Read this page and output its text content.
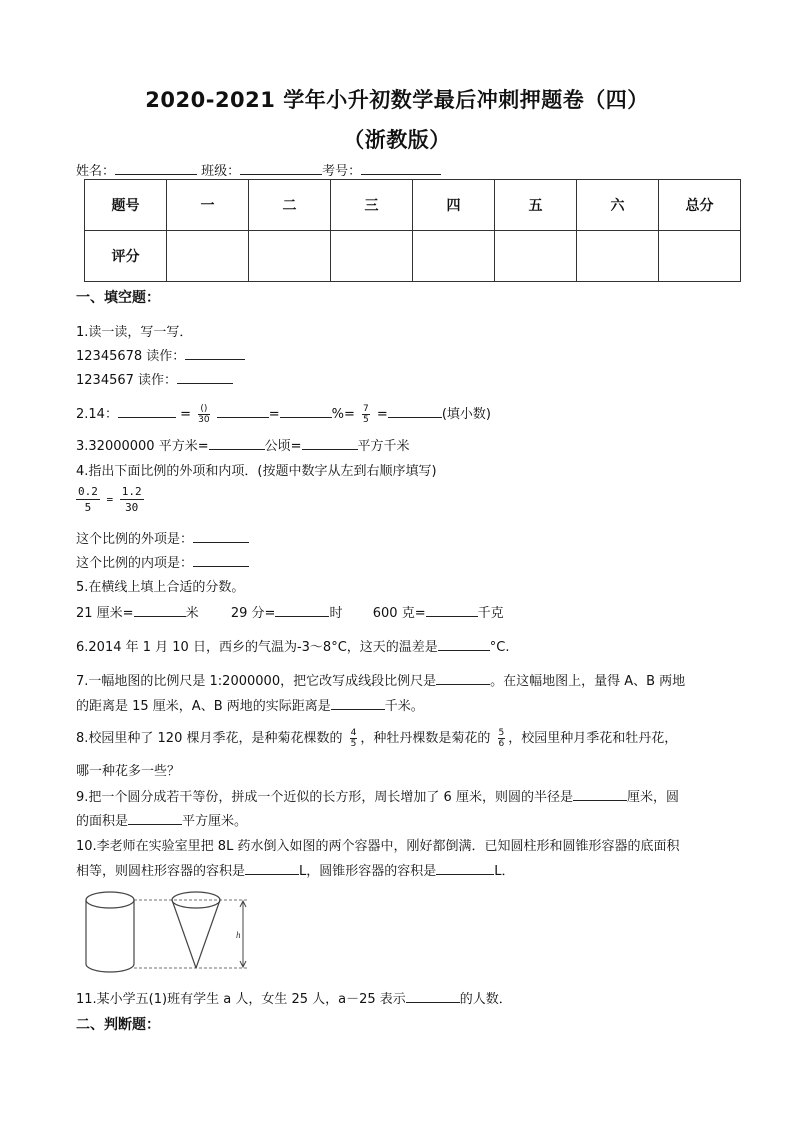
2020-2021 学年小升初数学最后冲刺押题卷（四）
（浙教版）
姓名：	班级：	考号：
题号	一	二	三	四	五	六	总分
评分							
一、填空题：
1.读一读，写一写．
12345678 读作：
1234567 读作：
2.14：	= $\frac{()}{30}$	=	%= $\frac{7}{5}$ =	(填小数)
3.32000000 平方米=	公顷=	平方千米
4.指出下面比例的外项和内项．(按题中数字从左到右顺序填写)
$\frac{0.2}{5} = \frac{1.2}{30}$
这个比例的外项是：
这个比例的内项是：
5.在横线上填上合适的分数。
21 厘米=	米 29 分=	时 600 克=	千克
6.2014 年 1 月 10 日，西乡的气温为-3～8°C，这天的温差是	°C.
7.一幅地图的比例尺是 1:2000000，把它改写成线段比例尺是	。在这幅地图上，量得 A、B 两地
的距离是 15 厘米，A、B 两地的实际距离是	千米。
8.校园里种了 120 棵月季花，是种菊花棵数的 $\frac{4}{5}$ ，种牡丹棵数是菊花的 $\frac{5}{6}$ ，校园里种月季花和牡丹花，
哪一种花多一些？
9.把一个圆分成若干等份，拼成一个近似的长方形，周长增加了 6 厘米，则圆的半径是	厘米，圆
的面积是	平方厘米。
10.李老师在实验室里把 8L 药水倒入如图的两个容器中，刚好都倒满．已知圆柱形和圆锥形容器的底面积
相等，则圆柱形容器的容积是	L，圆锥形容器的容积是	L．
h
11.某小学五(1)班有学生 a 人，女生 25 人，a－25 表示	的人数．
二、判断题：
